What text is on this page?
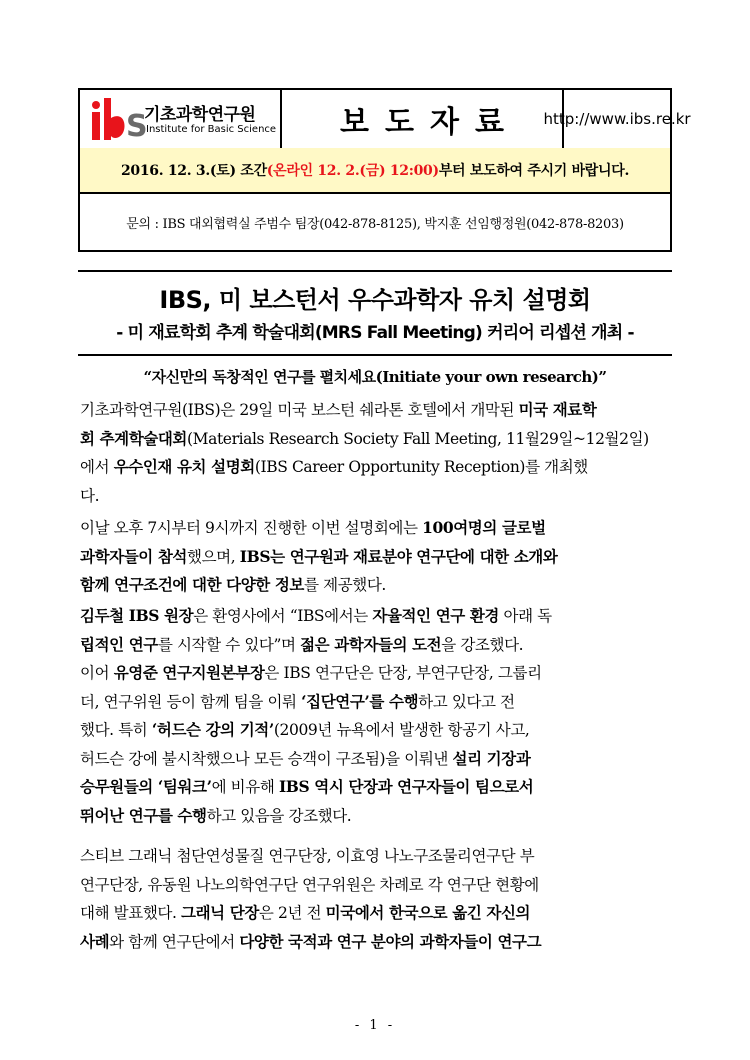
S
기초과학연구원
Institute for Basic Science 보도자료 http://www.ibs.re.kr
2016. 12. 3.(토) 조간(온라인 12. 2.(금) 12:00)부터 보도하여 주시기 바랍니다.
문의 : IBS 대외협력실 주범수 팀장(042-878-8125), 박지훈 선임행정원(042-878-8203)
IBS, 미 보스턴서 우수과학자 유치 설명회
- 미 재료학회 추계 학술대회(MRS Fall Meeting) 커리어 리셉션 개최 -
“자신만의 독창적인 연구를 펼치세요(Initiate your own research)”
기초과학연구원(IBS)은 29일 미국 보스턴 쉐라톤 호텔에서 개막된 미국 재료학
회 추계학술대회(Materials Research Society Fall Meeting, 11월29일~12월2일)
에서 우수인재 유치 설명회(IBS Career Opportunity Reception)를 개최했
다.
이날 오후 7시부터 9시까지 진행한 이번 설명회에는 100여명의 글로벌
과학자들이 참석했으며, IBS는 연구원과 재료분야 연구단에 대한 소개와
함께 연구조건에 대한 다양한 정보를 제공했다.
김두철 IBS 원장은 환영사에서 “IBS에서는 자율적인 연구 환경 아래 독
립적인 연구를 시작할 수 있다”며 젊은 과학자들의 도전을 강조했다.
이어 유영준 연구지원본부장은 IBS 연구단은 단장, 부연구단장, 그룹리
더, 연구위원 등이 함께 팀을 이뤄 ‘집단연구’를 수행하고 있다고 전
했다. 특히 ‘허드슨 강의 기적’(2009년 뉴욕에서 발생한 항공기 사고,
허드슨 강에 불시착했으나 모든 승객이 구조됨)을 이뤄낸 설리 기장과
승무원들의 ‘팀워크’에 비유해 IBS 역시 단장과 연구자들이 팀으로서
뛰어난 연구를 수행하고 있음을 강조했다.
스티브 그래닉 첨단연성물질 연구단장, 이효영 나노구조물리연구단 부
연구단장, 유동원 나노의학연구단 연구위원은 차례로 각 연구단 현황에
대해 발표했다. 그래닉 단장은 2년 전 미국에서 한국으로 옮긴 자신의
사례와 함께 연구단에서 다양한 국적과 연구 분야의 과학자들이 연구그
- 1 -
